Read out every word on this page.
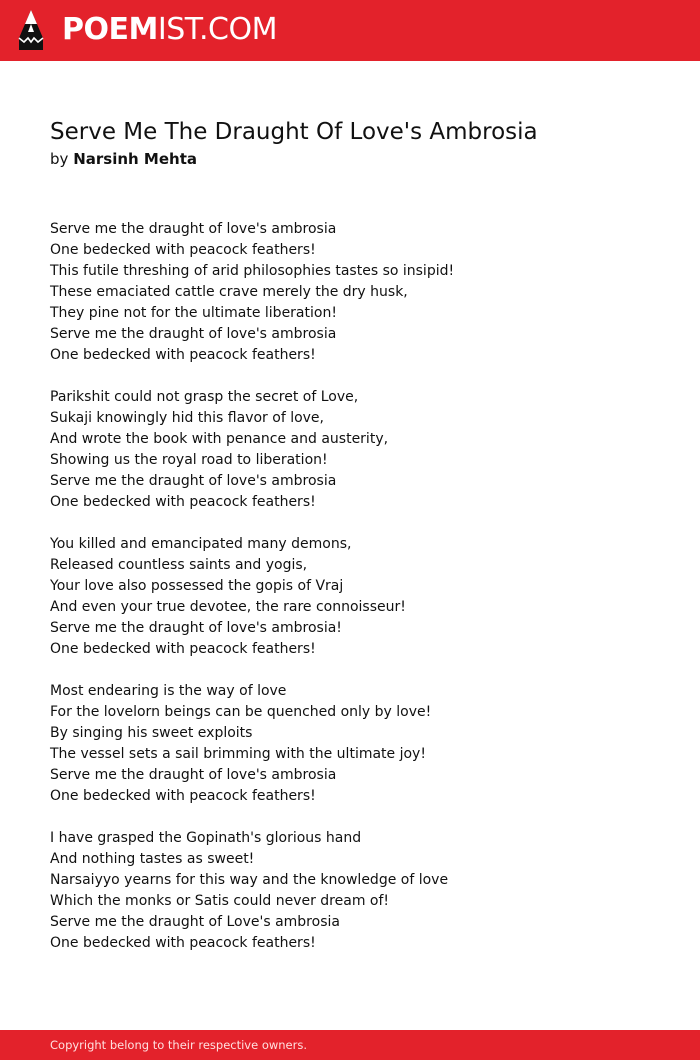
POEMIST.COM
Serve Me The Draught Of Love's Ambrosia
by Narsinh Mehta
Serve me the draught of love's ambrosia
One bedecked with peacock feathers!
This futile threshing of arid philosophies tastes so insipid!
These emaciated cattle crave merely the dry husk,
They pine not for the ultimate liberation!
Serve me the draught of love's ambrosia
One bedecked with peacock feathers!
Parikshit could not grasp the secret of Love,
Sukaji knowingly hid this flavor of love,
And wrote the book with penance and austerity,
Showing us the royal road to liberation!
Serve me the draught of love's ambrosia
One bedecked with peacock feathers!
You killed and emancipated many demons,
Released countless saints and yogis,
Your love also possessed the gopis of Vraj
And even your true devotee, the rare connoisseur!
Serve me the draught of love's ambrosia!
One bedecked with peacock feathers!
Most endearing is the way of love
For the lovelorn beings can be quenched only by love!
By singing his sweet exploits
The vessel sets a sail brimming with the ultimate joy!
Serve me the draught of love's ambrosia
One bedecked with peacock feathers!
I have grasped the Gopinath's glorious hand
And nothing tastes as sweet!
Narsaiyyo yearns for this way and the knowledge of love
Which the monks or Satis could never dream of!
Serve me the draught of Love's ambrosia
One bedecked with peacock feathers!
Copyright belong to their respective owners.
